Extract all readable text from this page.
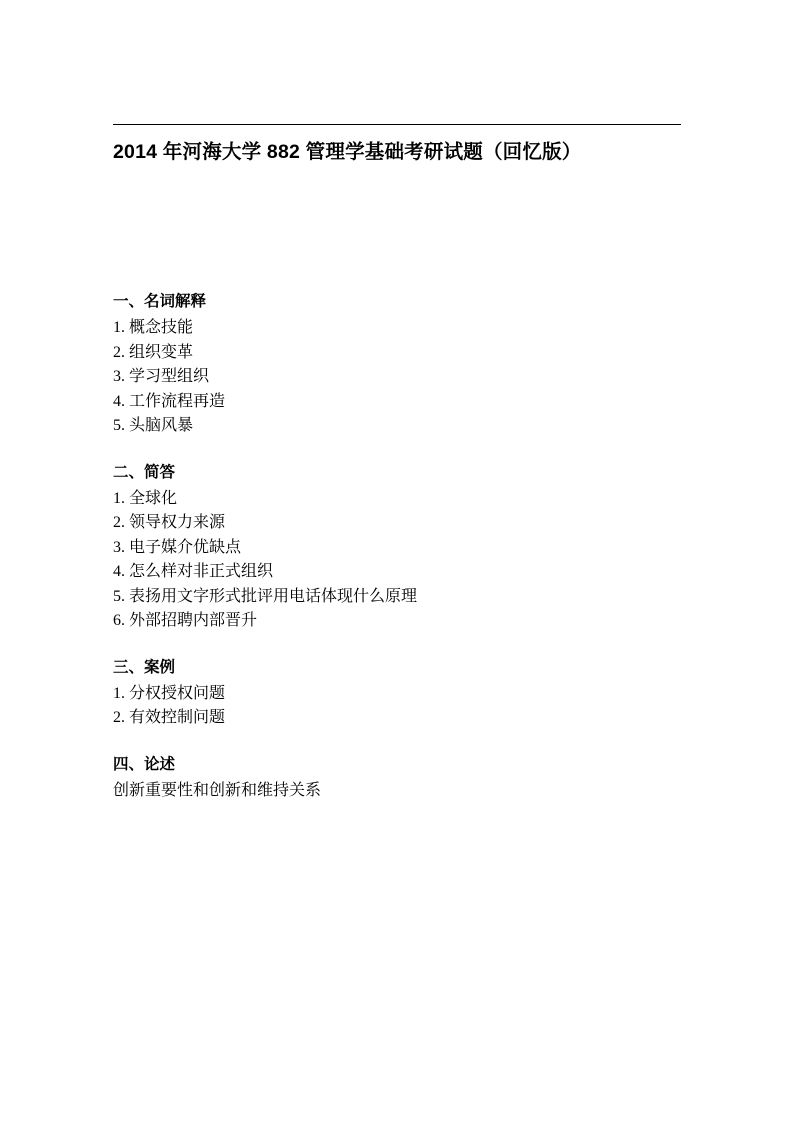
2014 年河海大学 882 管理学基础考研试题（回忆版）
一、名词解释
1. 概念技能
2. 组织变革
3. 学习型组织
4. 工作流程再造
5. 头脑风暴
二、简答
1. 全球化
2. 领导权力来源
3. 电子媒介优缺点
4. 怎么样对非正式组织
5. 表扬用文字形式批评用电话体现什么原理
6. 外部招聘内部晋升
三、案例
1. 分权授权问题
2. 有效控制问题
四、论述
创新重要性和创新和维持关系
